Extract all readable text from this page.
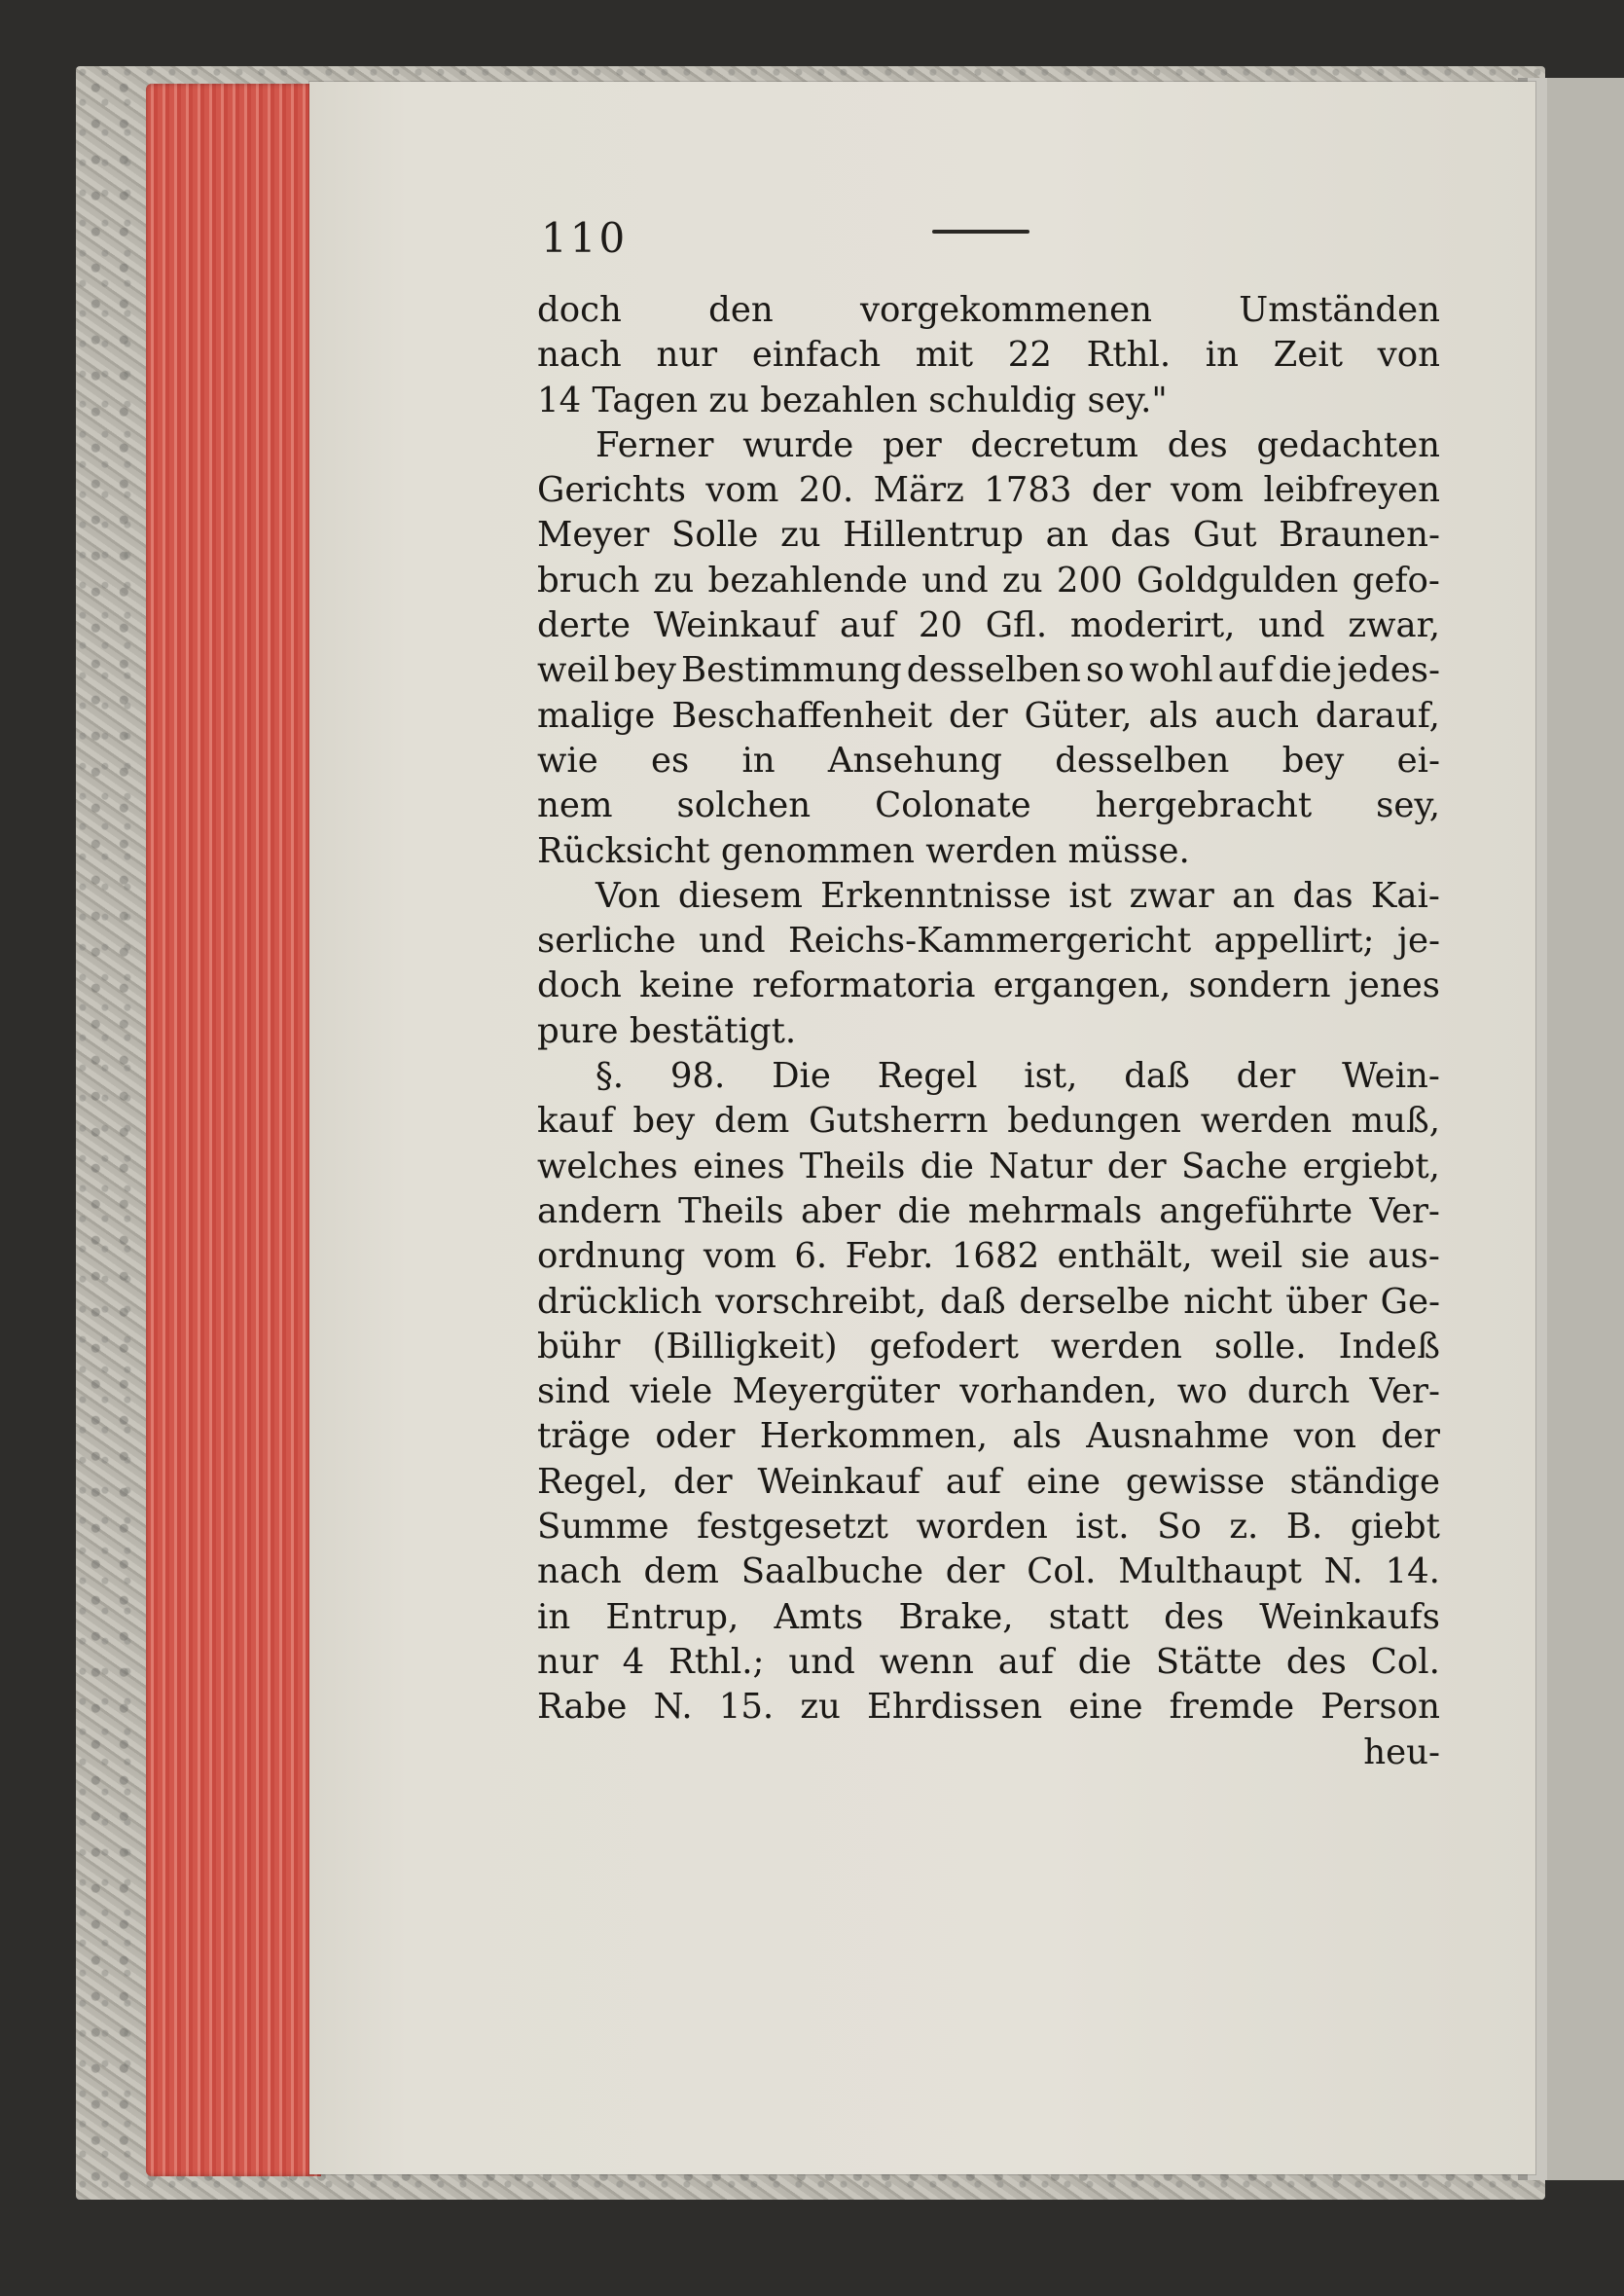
110
doch	den	vorgekommenen	Umständen
nach nur einfach mit 22 Rthl. in Zeit von
14 Tagen zu bezahlen schuldig sey."
Ferner wurde per decretum des gedachten
Gerichts vom 20. März 1783 der vom leibfreyen
Meyer Solle zu Hillentrup an das Gut Braunen-
bruch zu bezahlende und zu 200 Goldgulden gefo-
derte Weinkauf auf 20 Gfl. moderirt, und zwar,
weil bey Bestimmung desselben so wohl auf die jedes-
malige Beschaffenheit der Güter, als auch darauf,
wie es in Ansehung desselben bey ei-
nem solchen Colonate hergebracht sey,
Rücksicht genommen werden müsse.
Von diesem Erkenntnisse ist zwar an das Kai-
serliche und Reichs-Kammergericht appellirt; je-
doch keine reformatoria ergangen, sondern jenes
pure bestätigt.
§. 98. Die Regel ist, daß der Wein-
kauf bey dem Gutsherrn bedungen werden muß,
welches eines Theils die Natur der Sache ergiebt,
andern Theils aber die mehrmals angeführte Ver-
ordnung vom 6. Febr. 1682 enthält, weil sie aus-
drücklich vorschreibt, daß derselbe nicht über Ge-
bühr (Billigkeit) gefodert werden solle. Indeß
sind viele Meyergüter vorhanden, wo durch Ver-
träge oder Herkommen, als Ausnahme von der
Regel, der Weinkauf auf eine gewisse ständige
Summe festgesetzt worden ist. So z. B. giebt
nach dem Saalbuche der Col. Multhaupt N. 14.
in Entrup, Amts Brake, statt des Weinkaufs
nur 4 Rthl.; und wenn auf die Stätte des Col.
Rabe N. 15. zu Ehrdissen eine fremde Person
heu-
